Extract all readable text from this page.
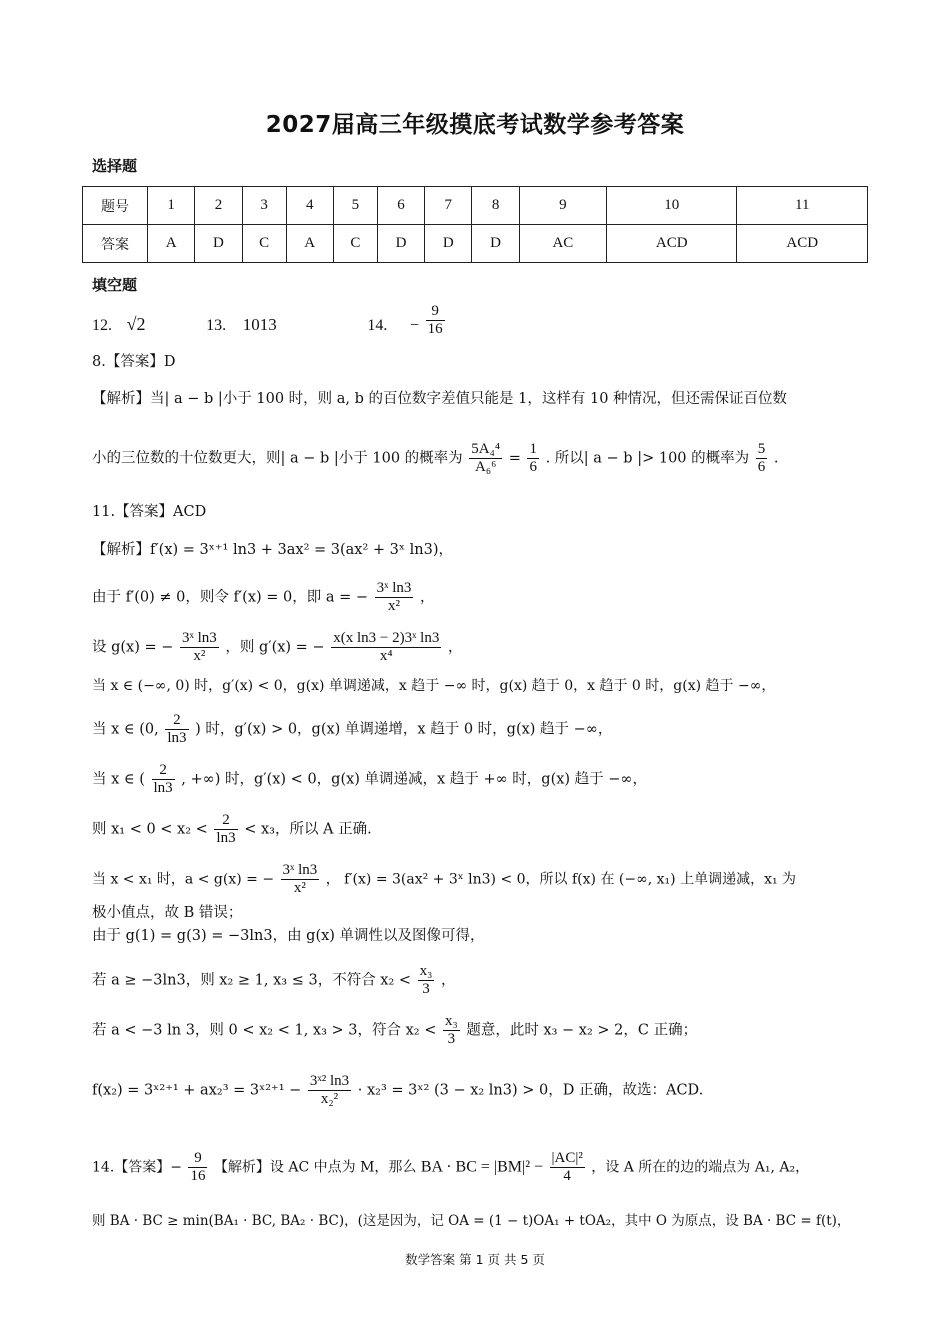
2027届高三年级摸底考试数学参考答案
选择题
题号	1	2	3	4	5	6	7	8	9	10	11
答案	A	D	C	A	C	D	D	D	AC	ACD	ACD
填空题
12. √2	13. 1013	14. − $\frac{9}{16}$
8.【答案】D
【解析】当| a − b |小于 100 时，则 a, b 的百位数字差值只能是 1，这样有 10 种情况，但还需保证百位数
小的三位数的十位数更大，则| a − b |小于 100 的概率为 $\frac{\text{5A₄⁴}}{\text{A₆⁶}} = \frac{1}{6}$ . 所以| a − b |> 100 的概率为 $\frac{5}{6}$ .
11.【答案】ACD
【解析】f′(x) = 3ˣ⁺¹ ln3 + 3ax² = 3(ax² + 3ˣ ln3)，
由于 f′(0) ≠ 0，则令 f′(x) = 0，即 a = − $\frac{\text{3ˣ ln3}}{\text{x²}}$ ，
设 g(x) = − $\frac{\text{3ˣ ln3}}{\text{x²}}$ ，则 g′(x) = − $\frac{\text{x(x ln3 − 2)3ˣ ln3}}{\text{x⁴}}$ ，
当 x ∈ (−∞, 0) 时，g′(x) < 0，g(x) 单调递减，x 趋于 −∞ 时，g(x) 趋于 0，x 趋于 0 时，g(x) 趋于 −∞，
当 x ∈ (0, $\frac{2}{\ln 3}$ ) 时，g′(x) > 0，g(x) 单调递增，x 趋于 0 时，g(x) 趋于 −∞，
当 x ∈ ( $\frac{2}{\ln 3}$ , +∞) 时，g′(x) < 0，g(x) 单调递减，x 趋于 +∞ 时，g(x) 趋于 −∞，
则 $x_1 < 0 < x_2 < \frac{2}{\ln 3} < x_3$，所以 A 正确.
当 x < x₁ 时，a < g(x) = − $\frac{\text{3ˣ ln3}}{\text{x²}}$ ， f′(x) = 3(ax² + 3ˣ ln3) < 0，所以 f(x) 在 (−∞, x₁) 上单调递减，x₁ 为
极小值点，故 B 错误；
由于 g(1) = g(3) = −3ln3，由 g(x) 单调性以及图像可得，
若 a ≥ −3ln3，则 x₂ ≥ 1, x₃ ≤ 3，不符合 $x_2 < \frac{\text{x₃}}{3}$ ，
若 a < −3 ln 3，则 0 < x₂ < 1, x₃ > 3，符合 $x_2 < \frac{\text{x₃}}{3}$ 题意，此时 x₃ − x₂ > 2，C 正确；
f(x₂) = 3ˣ²⁺¹ + ax₂³ = 3ˣ²⁺¹ − $\frac{\text{3ˣ² ln3}}{\text{x₂²}} \cdot x_2^3$ = 3ˣ² (3 − x₂ ln3) > 0，D 正确，故选：ACD.
14.【答案】− $\frac{9}{16}$ 【解析】设 AC 中点为 M，那么 BA · BC = $|BM|^2 - \frac{\text{|AC|²}}{4}$ ，设 A 所在的边的端点为 A₁, A₂，
则 BA · BC ≥ min(BA₁ · BC, BA₂ · BC)，(这是因为，记 OA = (1 − t)OA₁ + tOA₂，其中 O 为原点，设 BA · BC = f(t)，
数学答案 第 1 页 共 5 页
